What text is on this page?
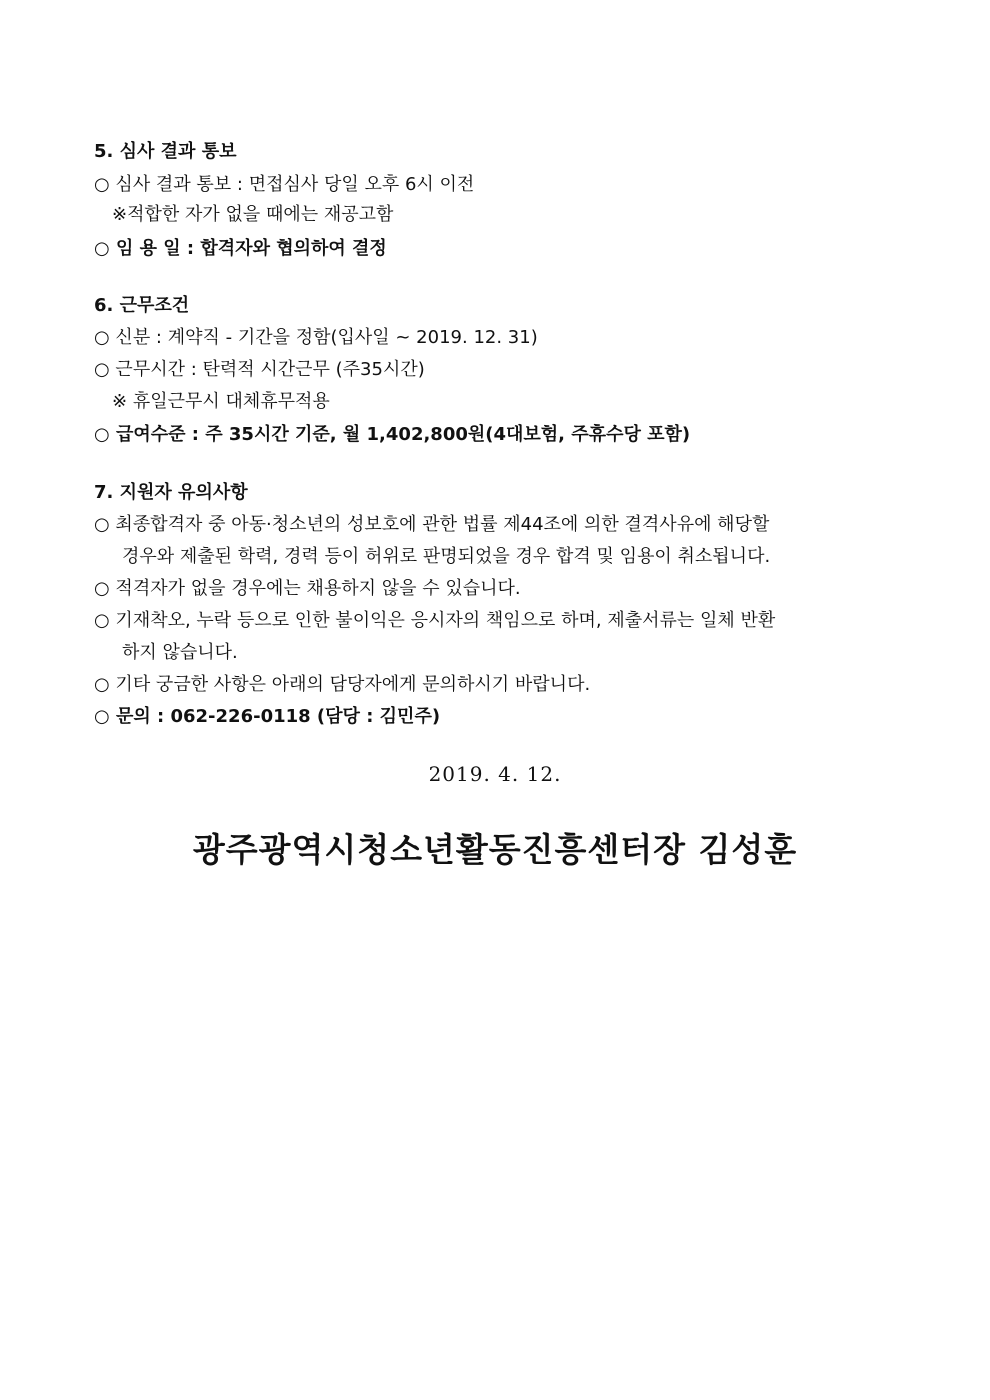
5. 심사 결과 통보
○ 심사 결과 통보 : 면접심사 당일 오후 6시 이전
※적합한 자가 없을 때에는 재공고함
○ 임 용 일 : 합격자와 협의하여 결정
6. 근무조건
○ 신분 : 계약직 - 기간을 정함(입사일 ~ 2019. 12. 31)
○ 근무시간 : 탄력적 시간근무 (주35시간)
※ 휴일근무시 대체휴무적용
○ 급여수준 : 주 35시간 기준, 월 1,402,800원(4대보험, 주휴수당 포함)
7. 지원자 유의사항
○ 최종합격자 중 아동·청소년의 성보호에 관한 법률 제44조에 의한 결격사유에 해당할
경우와 제출된 학력, 경력 등이 허위로 판명되었을 경우 합격 및 임용이 취소됩니다.
○ 적격자가 없을 경우에는 채용하지 않을 수 있습니다.
○ 기재착오, 누락 등으로 인한 불이익은 응시자의 책임으로 하며, 제출서류는 일체 반환
하지 않습니다.
○ 기타 궁금한 사항은 아래의 담당자에게 문의하시기 바랍니다.
○ 문의 : 062-226-0118 (담당 : 김민주)
2019. 4. 12.
광주광역시청소년활동진흥센터장 김성훈
